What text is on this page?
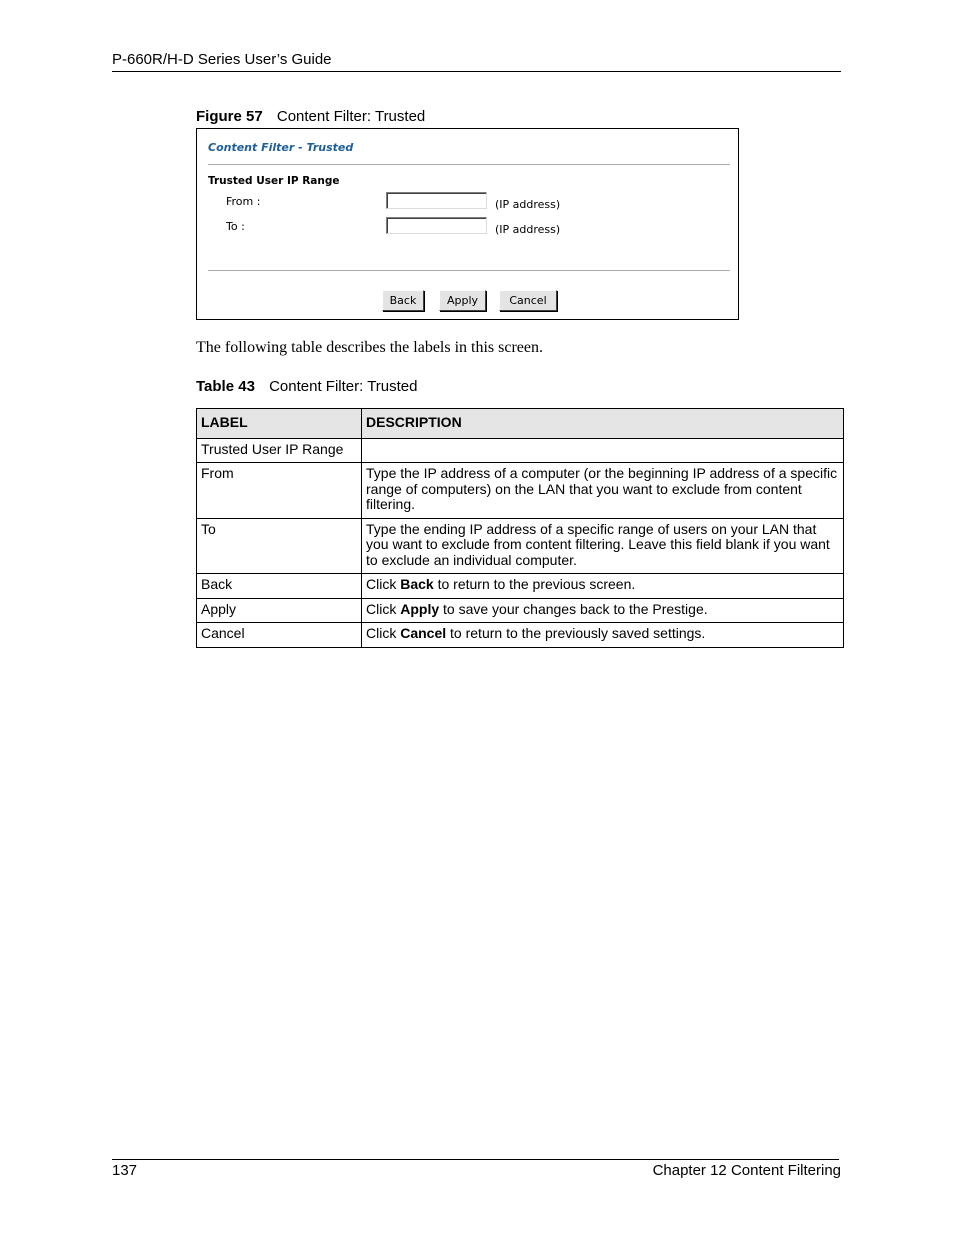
P-660R/H-D Series User’s Guide
Figure 57 Content Filter: Trusted
Content Filter - Trusted
Trusted User IP Range
From :	(IP address)
To :	(IP address)
Back	Apply	Cancel
The following table describes the labels in this screen.
Table 43 Content Filter: Trusted
LABEL	DESCRIPTION
Trusted User IP Range	
From	Type the IP address of a computer (or the beginning IP address of a specific range of computers) on the LAN that you want to exclude from content filtering.
To	Type the ending IP address of a specific range of users on your LAN that you want to exclude from content filtering. Leave this field blank if you want to exclude an individual computer.
Back	Click Back to return to the previous screen.
Apply	Click Apply to save your changes back to the Prestige.
Cancel	Click Cancel to return to the previously saved settings.
137	Chapter 12 Content Filtering
